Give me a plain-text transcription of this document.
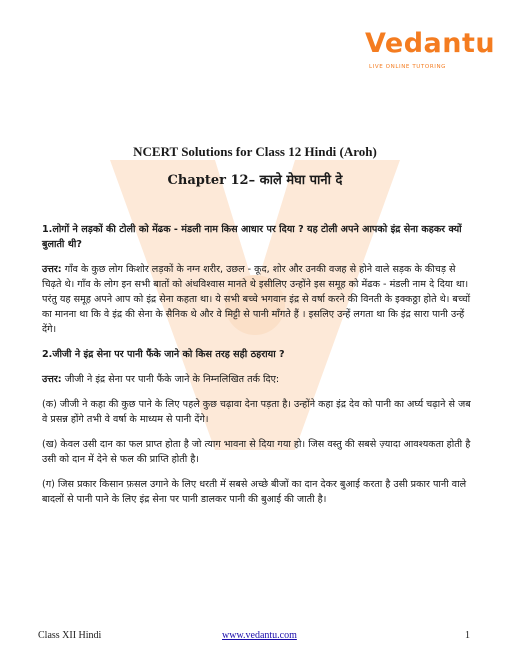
Vedantu
LIVE ONLINE TUTORING
NCERT Solutions for Class 12 Hindi (Aroh)
Chapter 12– काले मेघा पानी दे
1.लोगों ने लड़कों की टोली को मेंढक - मंडली नाम किस आधार पर दिया ? यह टोली अपने आपको इंद्र सेना कहकर क्यों बुलाती थी?
उत्तर: गाँव के कुछ लोग किशोर लड़कों के नग्न शरीर, उछल - कूद, शोर और उनकी वजह से होने वाले सड़क के कीचड़ से चिढ़ते थे। गाँव के लोग इन सभी बातों को अंधविश्वास मानते थे इसीलिए उन्होंने इस समूह को मेंढक - मंडली नाम दे दिया था। परंतु यह समूह अपने आप को इंद्र सेना कहता था। ये सभी बच्चे भगवान इंद्र से वर्षा करने की विनती के इक्कठ्ठा होते थे। बच्चों का मानना था कि वे इंद्र की सेना के सैनिक थे और वे मिट्टी से पानी माँगते हैं । इसलिए उन्हें लगता था कि इंद्र सारा पानी उन्हें देंगे।
2.जीजी ने इंद्र सेना पर पानी फैंके जाने को किस तरह सही ठहराया ?
उत्तर: जीजी ने इंद्र सेना पर पानी फैंके जाने के निम्नलिखित तर्क दिए:
(क) जीजी ने कहा की कुछ पाने के लिए पहले कुछ चढ़ावा देना पड़ता है। उन्होंने कहा इंद्र देव को पानी का अर्घ्य चढ़ाने से जब वे प्रसन्न होंगे तभी वे वर्षा के माध्यम से पानी देंगे।
(ख) केवल उसी दान का फल प्राप्त होता है जो त्याग भावना से दिया गया हो। जिस वस्तु की सबसे ज़्यादा आवश्यकता होती है उसी को दान में देने से फल की प्राप्ति होती है।
(ग) जिस प्रकार किसान फ़सल उगाने के लिए धरती में सबसे अच्छे बीजों का दान देकर बुआई करता है उसी प्रकार पानी वाले बादलों से पानी पाने के लिए इंद्र सेना पर पानी डालकर पानी की बुआई की जाती है।
Class XII Hindi	www.vedantu.com	1
